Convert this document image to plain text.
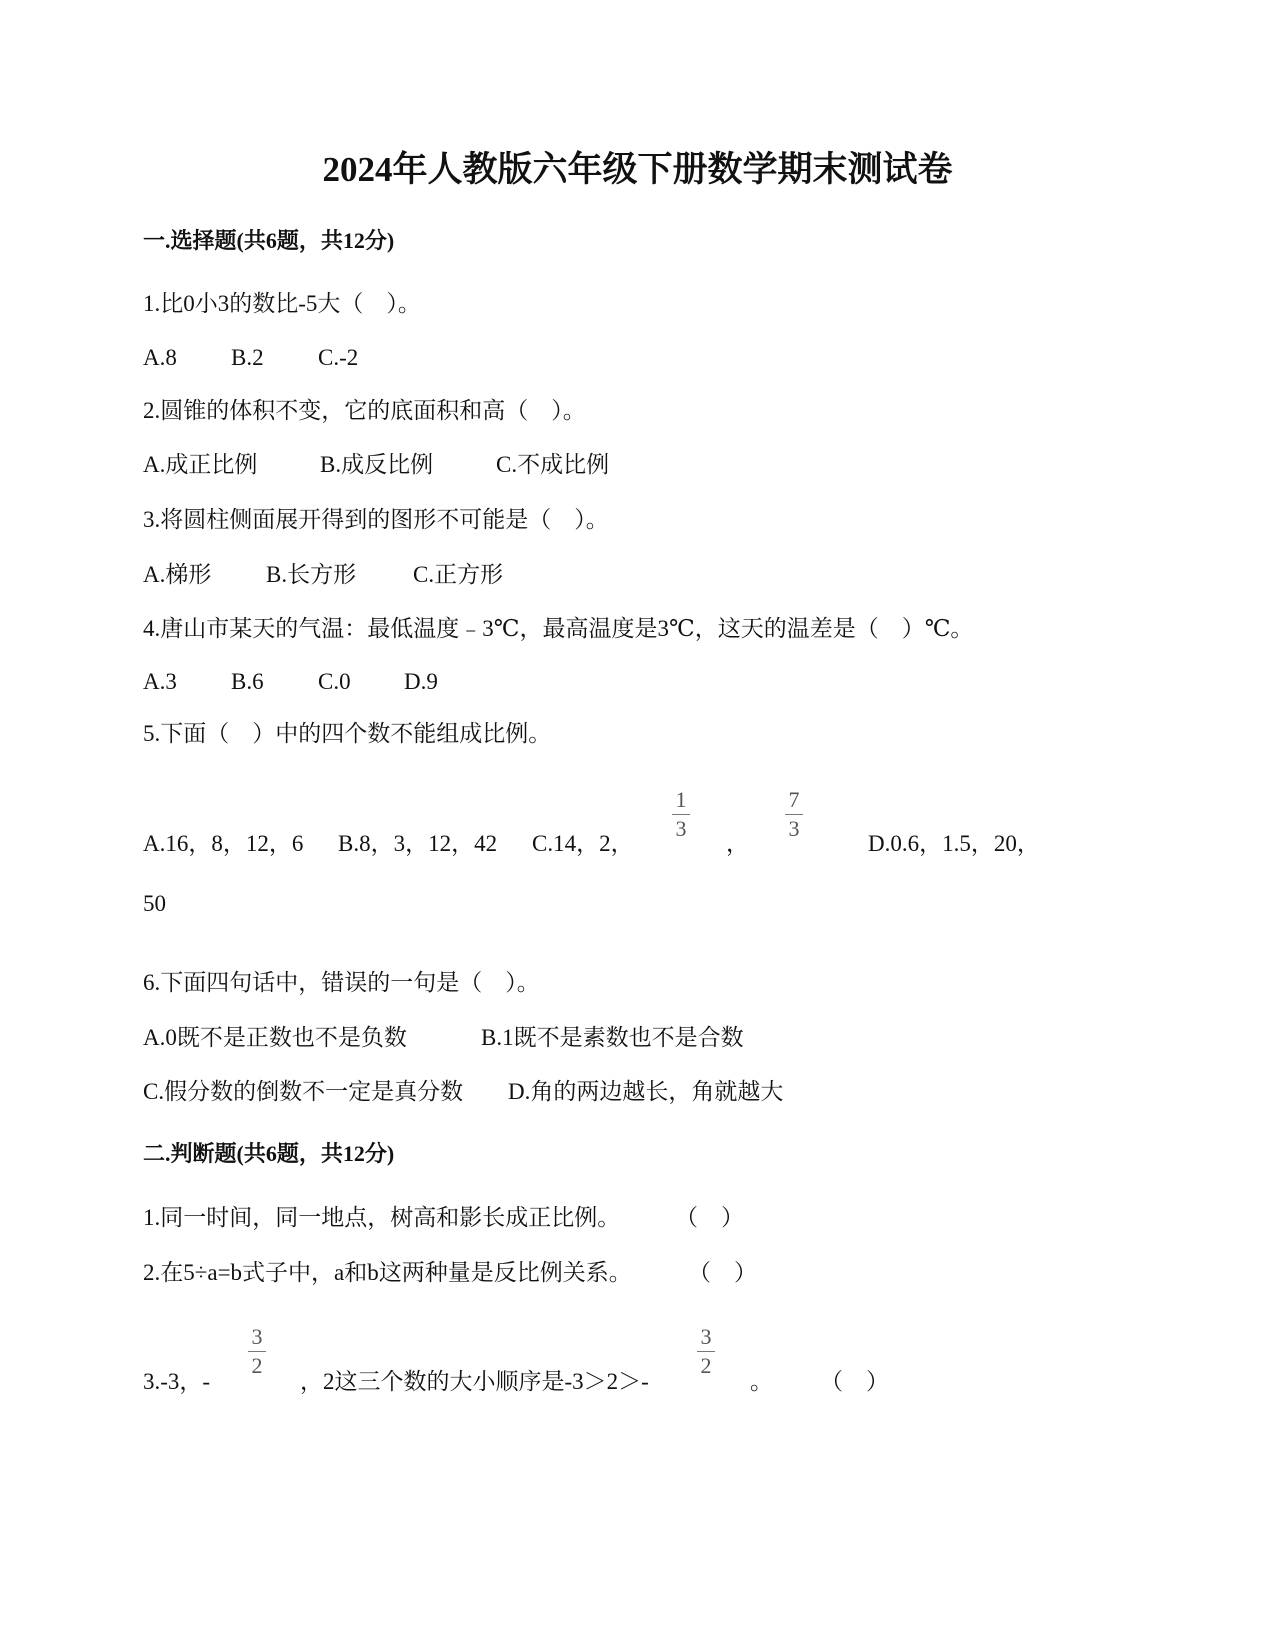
2024年人教版六年级下册数学期末测试卷
一.选择题(共6题，共12分)
1.比0小3的数比-5大（　）。
A.8 B.2 C.-2
2.圆锥的体积不变，它的底面积和高（　）。
A.成正比例	B.成反比例	C.不成比例
3.将圆柱侧面展开得到的图形不可能是（　）。
A.梯形 B.长方形 C.正方形
4.唐山市某天的气温：最低温度﹣3℃，最高温度是3℃，这天的温差是（　）℃。
A.3 B.6 C.0 D.9
5.下面（　）中的四个数不能组成比例。
A.16，8，12，6 B.8，3，12，42 C.14，2，
1
3
，
7
3
D.0.6，1.5，20，
50
6.下面四句话中，错误的一句是（　）。
A.0既不是正数也不是负数	B.1既不是素数也不是合数
C.假分数的倒数不一定是真分数 D.角的两边越长，角就越大
二.判断题(共6题，共12分)
1.同一时间，同一地点，树高和影长成正比例。 （　）
2.在5÷a=b式子中，a和b这两种量是反比例关系。 （　）
3.-3，-
3
2
，2这三个数的大小顺序是-3＞2＞-
3
2
。 （　）
